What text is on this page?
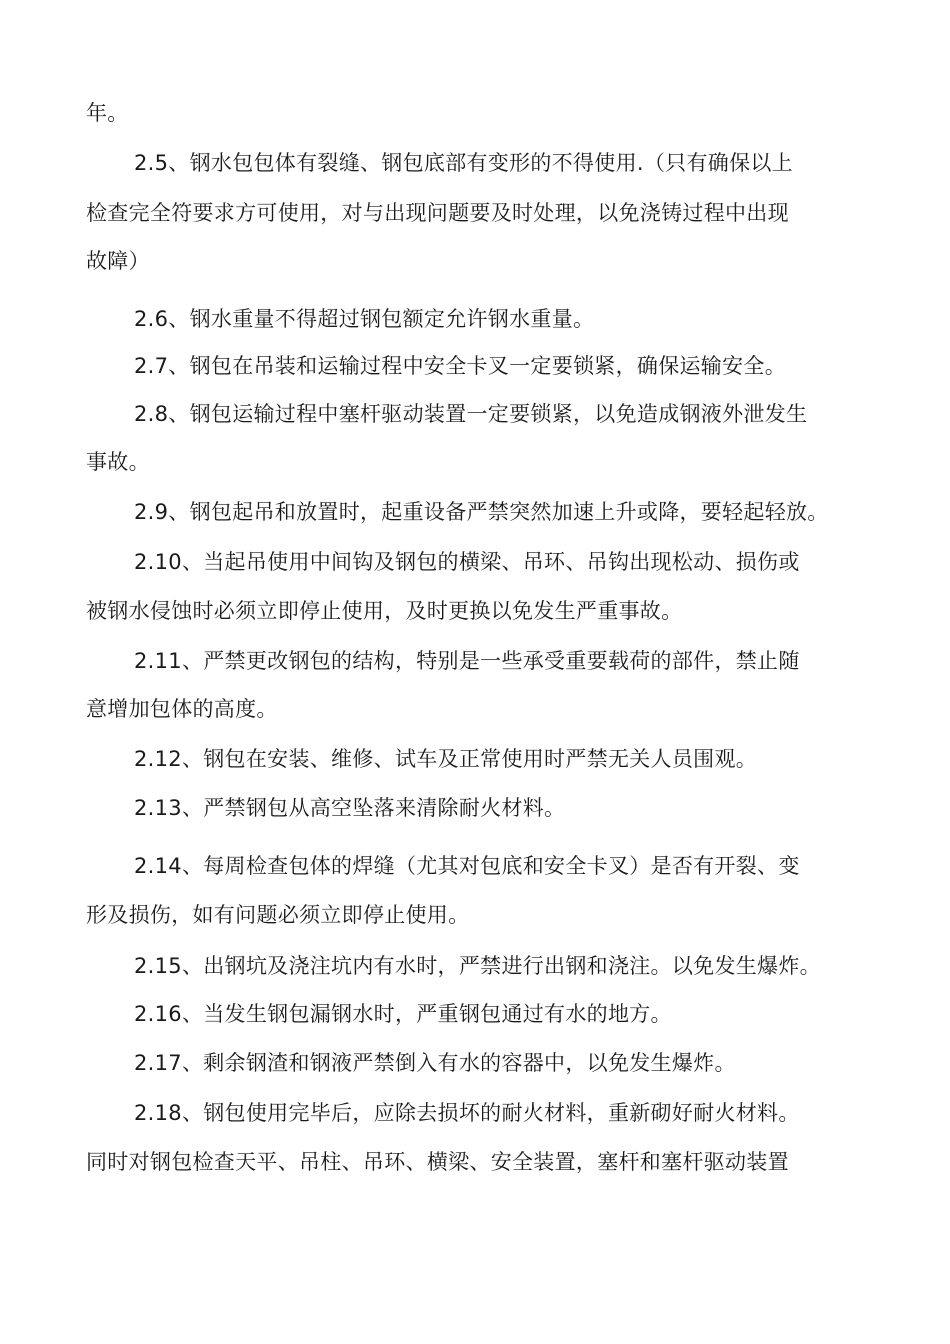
年。
2.5、钢水包包体有裂缝、钢包底部有变形的不得使用.（只有确保以上
检查完全符要求方可使用，对与出现问题要及时处理，以免浇铸过程中出现
故障）
2.6、钢水重量不得超过钢包额定允许钢水重量。
2.7、钢包在吊装和运输过程中安全卡叉一定要锁紧，确保运输安全。
2.8、钢包运输过程中塞杆驱动装置一定要锁紧，以免造成钢液外泄发生
事故。
2.9、钢包起吊和放置时，起重设备严禁突然加速上升或降，要轻起轻放。
2.10、当起吊使用中间钩及钢包的横梁、吊环、吊钩出现松动、损伤或
被钢水侵蚀时必须立即停止使用，及时更换以免发生严重事故。
2.11、严禁更改钢包的结构，特别是一些承受重要载荷的部件，禁止随
意增加包体的高度。
2.12、钢包在安装、维修、试车及正常使用时严禁无关人员围观。
2.13、严禁钢包从高空坠落来清除耐火材料。
2.14、每周检查包体的焊缝（尤其对包底和安全卡叉）是否有开裂、变
形及损伤，如有问题必须立即停止使用。
2.15、出钢坑及浇注坑内有水时，严禁进行出钢和浇注。以免发生爆炸。
2.16、当发生钢包漏钢水时，严重钢包通过有水的地方。
2.17、剩余钢渣和钢液严禁倒入有水的容器中，以免发生爆炸。
2.18、钢包使用完毕后，应除去损坏的耐火材料，重新砌好耐火材料。
同时对钢包检查天平、吊柱、吊环、横梁、安全装置，塞杆和塞杆驱动装置
